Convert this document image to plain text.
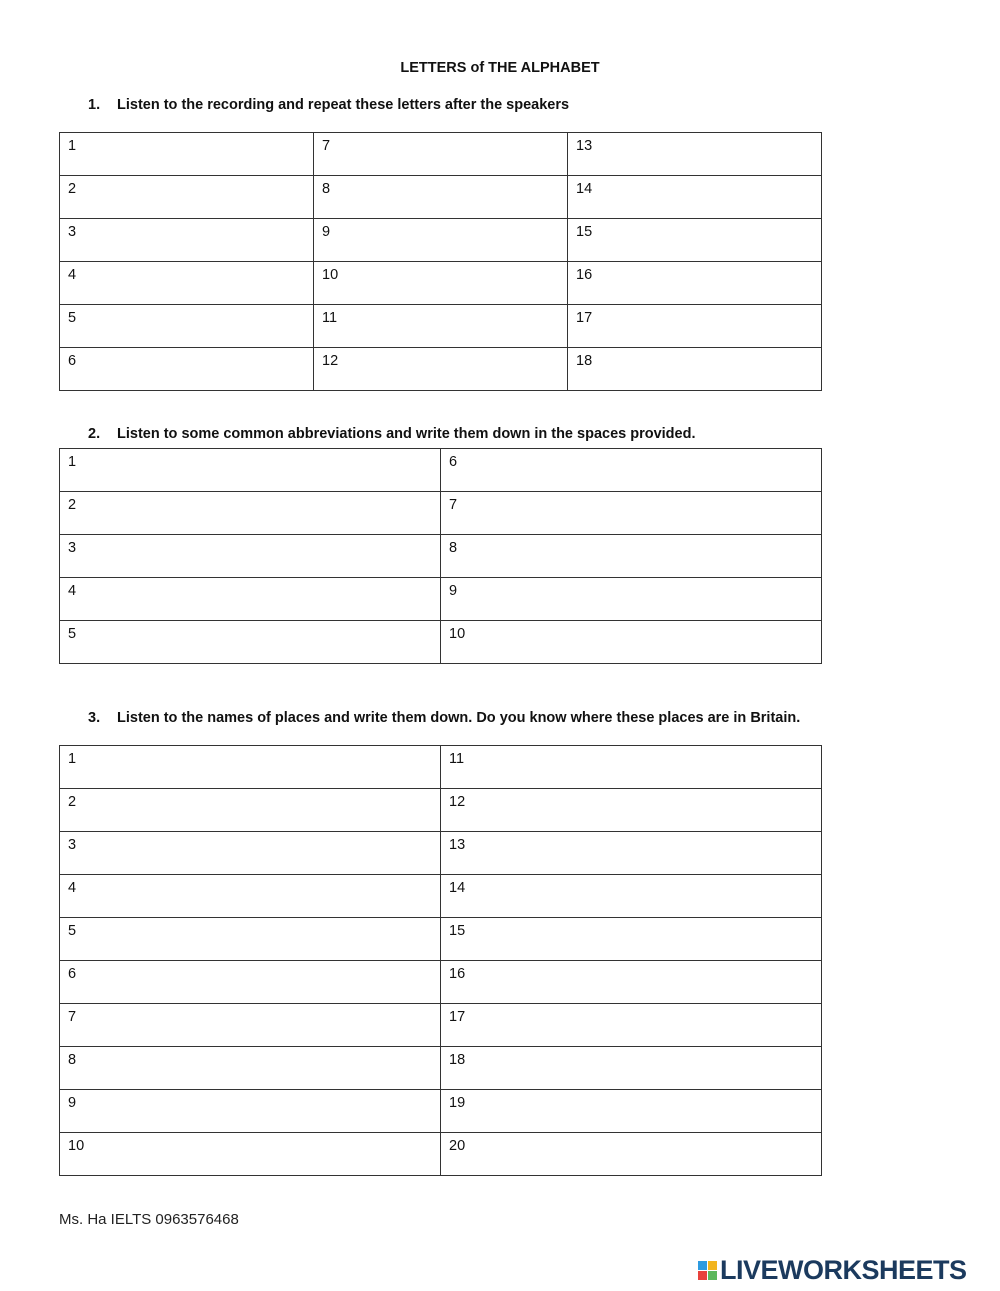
LETTERS of THE ALPHABET
1. Listen to the recording and repeat these letters after the speakers
1	7	13
2	8	14
3	9	15
4	10	16
5	11	17
6	12	18
2. Listen to some common abbreviations and write them down in the spaces provided.
1	6
2	7
3	8
4	9
5	10
3. Listen to the names of places and write them down. Do you know where these places are in Britain.
1	11
2	12
3	13
4	14
5	15
6	16
7	17
8	18
9	19
10	20
Ms. Ha IELTS 0963576468
LIVEWORKSHEETS
